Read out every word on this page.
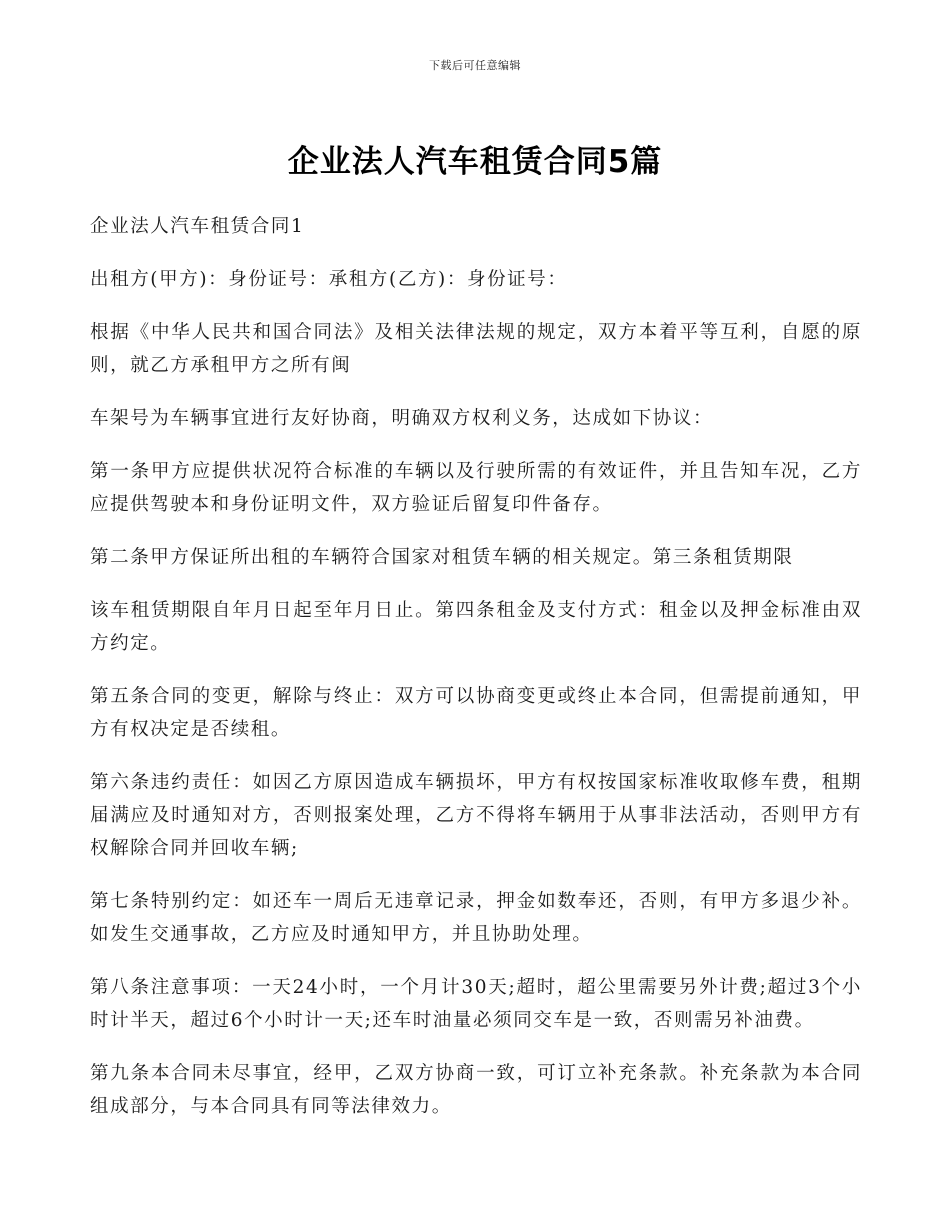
下载后可任意编辑
企业法人汽车租赁合同5篇

企业法人汽车租赁合同1

出租方(甲方)：身份证号：承租方(乙方)：身份证号：

根据《中华人民共和国合同法》及相关法律法规的规定，双方本着平等互利，自愿的原则，就乙方承租甲方之所有闽

车架号为车辆事宜进行友好协商，明确双方权利义务，达成如下协议：

第一条甲方应提供状况符合标准的车辆以及行驶所需的有效证件，并且告知车况，乙方应提供驾驶本和身份证明文件，双方验证后留复印件备存。

第二条甲方保证所出租的车辆符合国家对租赁车辆的相关规定。第三条租赁期限

该车租赁期限自年月日起至年月日止。第四条租金及支付方式：租金以及押金标准由双方约定。

第五条合同的变更，解除与终止：双方可以协商变更或终止本合同，但需提前通知，甲方有权决定是否续租。

第六条违约责任：如因乙方原因造成车辆损坏，甲方有权按国家标准收取修车费，租期届满应及时通知对方，否则报案处理，乙方不得将车辆用于从事非法活动，否则甲方有权解除合同并回收车辆;

第七条特别约定：如还车一周后无违章记录，押金如数奉还，否则，有甲方多退少补。如发生交通事故，乙方应及时通知甲方，并且协助处理。

第八条注意事项：一天24小时，一个月计30天;超时，超公里需要另外计费;超过3个小时计半天，超过6个小时计一天;还车时油量必须同交车是一致，否则需另补油费。

第九条本合同未尽事宜，经甲，乙双方协商一致，可订立补充条款。补充条款为本合同组成部分，与本合同具有同等法律效力。
